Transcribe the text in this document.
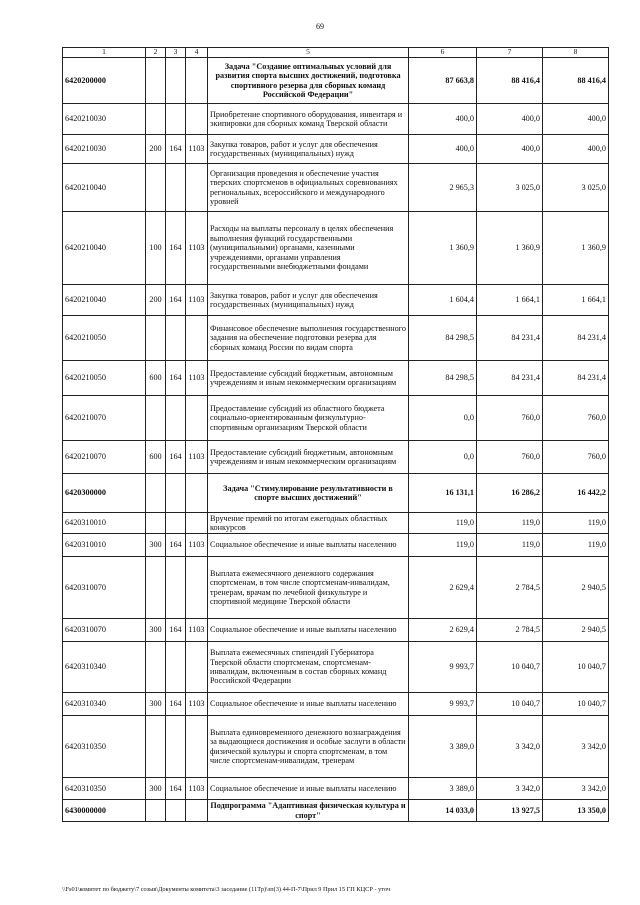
69
1	2	3	4	5	6	7	8
6420200000				Задача "Создание оптимальных условий для развития спорта высших достижений, подготовка спортивного резерва для сборных команд Российской Федерации"	87 663,8	88 416,4	88 416,4
6420210030				Приобретение спортивного оборудования, инвентаря и экипировки для сборных команд Тверской области	400,0	400,0	400,0
6420210030	200	164	1103	Закупка товаров, работ и услуг для обеспечения государственных (муниципальных) нужд	400,0	400,0	400,0
6420210040				Организация проведения и обеспечение участия тверских спортсменов в официальных соревнованиях региональных, всероссийского и международного уровней	2 965,3	3 025,0	3 025,0
6420210040	100	164	1103	Расходы на выплаты персоналу в целях обеспечения выполнения функций государственными (муниципальными) органами, казенными учреждениями, органами управления государственными внебюджетными фондами	1 360,9	1 360,9	1 360,9
6420210040	200	164	1103	Закупка товаров, работ и услуг для обеспечения государственных (муниципальных) нужд	1 604,4	1 664,1	1 664,1
6420210050				Финансовое обеспечение выполнения государственного задания на обеспечение подготовки резерва для сборных команд России по видам спорта	84 298,5	84 231,4	84 231,4
6420210050	600	164	1103	Предоставление субсидий бюджетным, автономным учреждениям и иным некоммерческим организациям	84 298,5	84 231,4	84 231,4
6420210070				Предоставление субсидий из областного бюджета социально-ориентированным физкультурно-спортивным организациям Тверской области	0,0	760,0	760,0
6420210070	600	164	1103	Предоставление субсидий бюджетным, автономным учреждениям и иным некоммерческим организациям	0,0	760,0	760,0
6420300000				Задача "Стимулирование результативности в спорте высших достижений"	16 131,1	16 286,2	16 442,2
6420310010				Вручение премий по итогам ежегодных областных конкурсов	119,0	119,0	119,0
6420310010	300	164	1103	Социальное обеспечение и иные выплаты населению	119,0	119,0	119,0
6420310070				Выплата ежемесячного денежного содержания спортсменам, в том числе спортсменам-инвалидам, тренерам, врачам по лечебной физкультуре и спортивной медицине Тверской области	2 629,4	2 784,5	2 940,5
6420310070	300	164	1103	Социальное обеспечение и иные выплаты населению	2 629,4	2 784,5	2 940,5
6420310340				Выплата ежемесячных стипендий Губернатора Тверской области спортсменам, спортсменам-инвалидам, включенным в состав сборных команд Российской Федерации	9 993,7	10 040,7	10 040,7
6420310340	300	164	1103	Социальное обеспечение и иные выплаты населению	9 993,7	10 040,7	10 040,7
6420310350				Выплата единовременного денежного вознаграждения за выдающиеся достижения и особые заслуги в области физической культуры и спорта спортсменам, в том числе спортсменам-инвалидам, тренерам	3 389,0	3 342,0	3 342,0
6420310350	300	164	1103	Социальное обеспечение и иные выплаты населению	3 389,0	3 342,0	3 342,0
6430000000				Подпрограмма "Адаптивная физическая культура и спорт"	14 033,0	13 927,5	13 350,0
\\Fs01\комитет по бюджету\7 созыв\Документы комитета\3 заседание (11Тр)\зп(3) 44-П-7\Прил 9 Прил 15 ГП КЦСР - уточ
